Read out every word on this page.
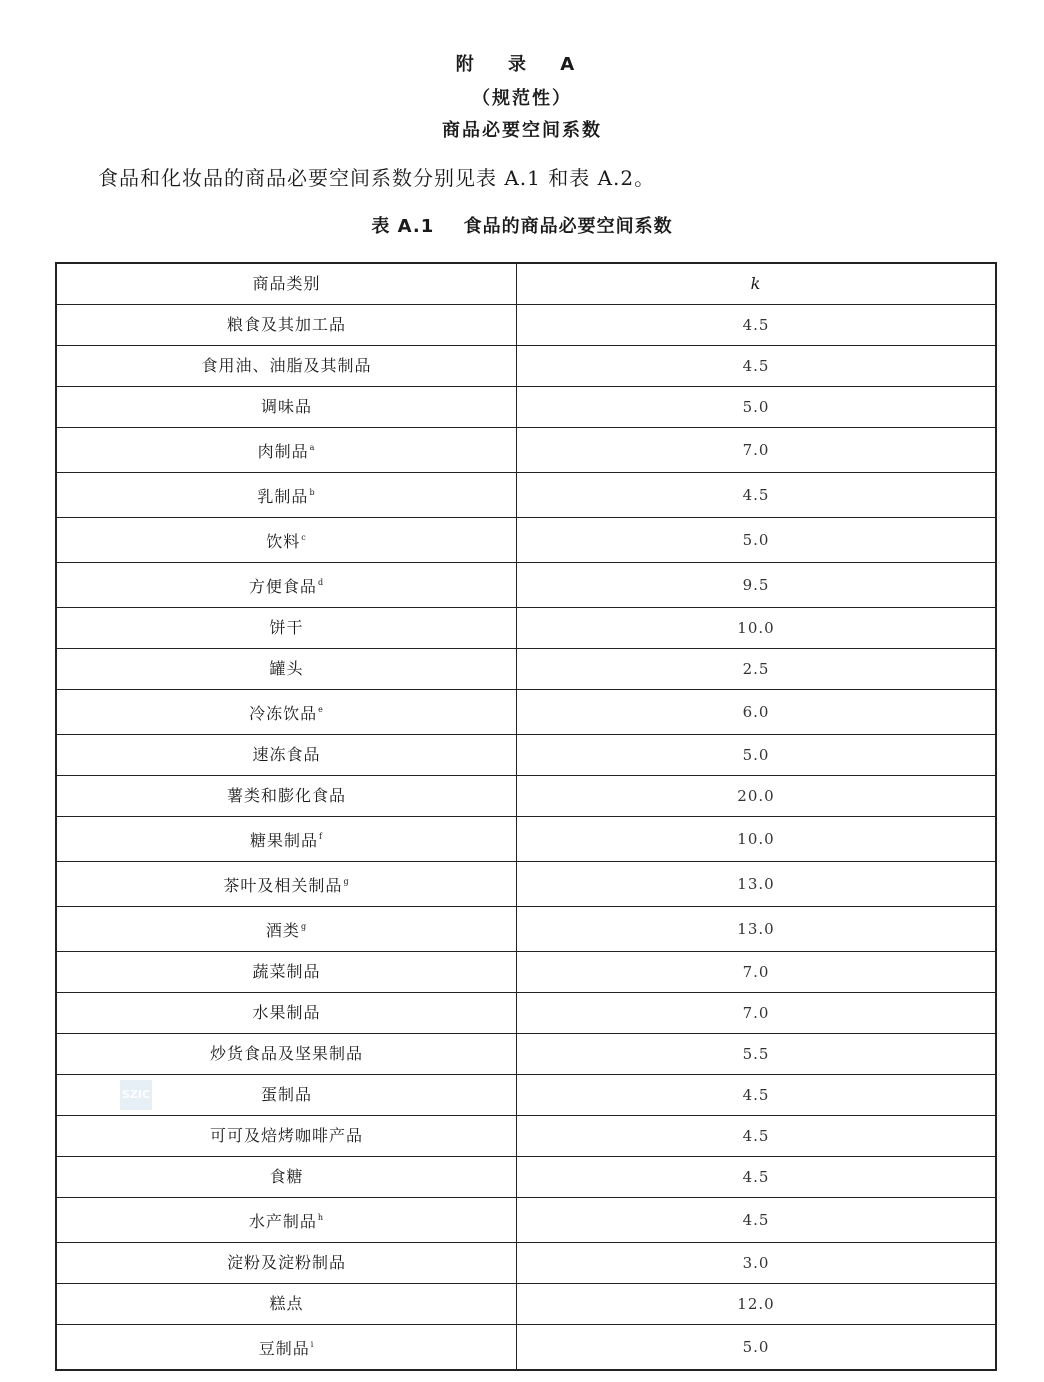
附 录 A
（规范性）
商品必要空间系数
食品和化妆品的商品必要空间系数分别见表 A.1 和表 A.2。
表 A.1 食品的商品必要空间系数
商品类别	k
粮食及其加工品	4.5
食用油、油脂及其制品	4.5
调味品	5.0
肉制品$^a$	7.0
乳制品$^b$	4.5
饮料$^c$	5.0
方便食品$^d$	9.5
饼干	10.0
罐头	2.5
冷冻饮品$^e$	6.0
速冻食品	5.0
薯类和膨化食品	20.0
糖果制品$^f$	10.0
茶叶及相关制品$^g$	13.0
酒类$^g$	13.0
蔬菜制品	7.0
水果制品	7.0
炒货食品及坚果制品	5.5
蛋制品	4.5
可可及焙烤咖啡产品	4.5
食糖	4.5
水产制品$^h$	4.5
淀粉及淀粉制品	3.0
糕点	12.0
豆制品$^i$	5.0
SZIC
